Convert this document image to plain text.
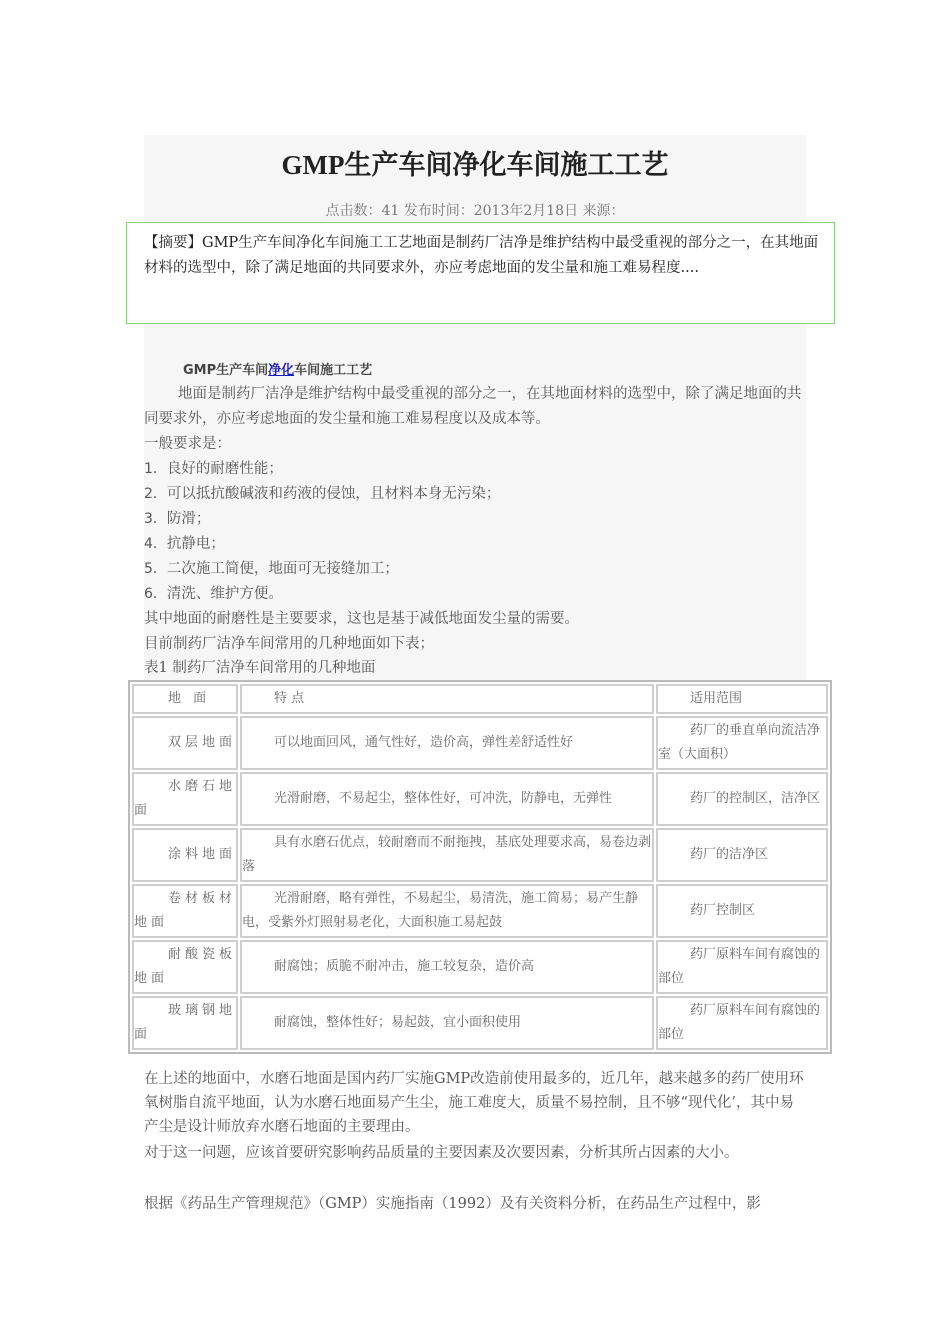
GMP生产车间净化车间施工工艺
点击数：41 发布时间：2013年2月18日 来源：
【摘要】GMP生产车间净化车间施工工艺地面是制药厂洁净是维护结构中最受重视的部分之一，在其地面材料的选型中，除了满足地面的共同要求外，亦应考虑地面的发尘量和施工难易程度....
GMP生产车间净化车间施工工艺
地面是制药厂洁净是维护结构中最受重视的部分之一，在其地面材料的选型中，除了满足地面的共同要求外，亦应考虑地面的发尘量和施工难易程度以及成本等。
一般要求是：
1．良好的耐磨性能；
2．可以抵抗酸碱液和药液的侵蚀，且材料本身无污染；
3．防滑；
4．抗静电；
5．二次施工简便，地面可无接缝加工；
6．清洗、维护方便。
其中地面的耐磨性是主要要求，这也是基于减低地面发尘量的需要。
目前制药厂洁净车间常用的几种地面如下表；
表1 制药厂洁净车间常用的几种地面
地 面	特 点	适用范围
双层地面	可以地面回风，通气性好，造价高，弹性差舒适性好	药厂的垂直单向流洁净室（大面积）
水磨石地面	光滑耐磨，不易起尘，整体性好，可冲洗，防静电，无弹性	药厂的控制区，洁净区
涂料地面	具有水磨石优点，较耐磨而不耐拖拽，基底处理要求高，易卷边剥落	药厂的洁净区
卷材板材地面	光滑耐磨，略有弹性，不易起尘，易清洗，施工简易；易产生静电，受紫外灯照射易老化，大面积施工易起鼓	药厂控制区
耐酸瓷板地面	耐腐蚀；质脆不耐冲击，施工较复杂，造价高	药厂原料车间有腐蚀的部位
玻璃钢地面	耐腐蚀，整体性好；易起鼓，宜小面积使用	药厂原料车间有腐蚀的部位
在上述的地面中，水磨石地面是国内药厂实施GMP改造前使用最多的，近几年，越来越多的药厂使用环氧树脂自流平地面，认为水磨石地面易产生尘，施工难度大，质量不易控制，且不够“现代化’，其中易产尘是设计师放弃水磨石地面的主要理由。
对于这一问题，应该首要研究影响药品质量的主要因素及次要因素，分析其所占因素的大小。
根据《药品生产管理规范》（GMP）实施指南（1992）及有关资料分析，在药品生产过程中，影
